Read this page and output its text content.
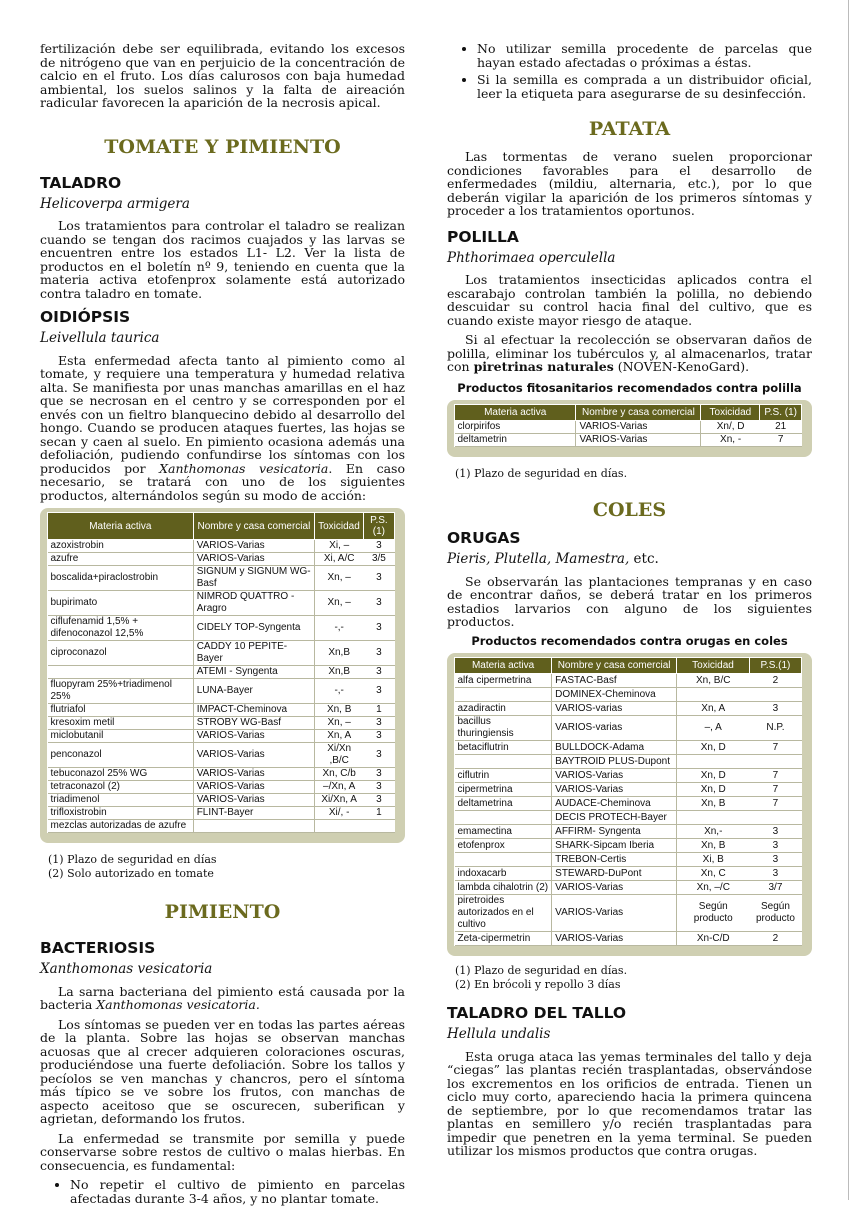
fertilización debe ser equilibrada, evitando los excesos de nitrógeno que van en perjuicio de la concentración de calcio en el fruto. Los días calurosos con baja humedad ambiental, los suelos salinos y la falta de aireación radicular favorecen la aparición de la necrosis apical.

TOMATE Y PIMIENTO
TALADRO

Helicoverpa armigera

Los tratamientos para controlar el taladro se realizan cuando se tengan dos racimos cuajados y las larvas se encuentren entre los estados L1- L2. Ver la lista de productos en el boletín nº 9, teniendo en cuenta que la materia activa etofenprox solamente está autorizado contra taladro en tomate.

OIDIÓPSIS

Leivellula taurica

Esta enfermedad afecta tanto al pimiento como al tomate, y requiere una temperatura y humedad relativa alta. Se manifiesta por unas manchas amarillas en el haz que se necrosan en el centro y se corresponden por el envés con un fieltro blanquecino debido al desarrollo del hongo. Cuando se producen ataques fuertes, las hojas se secan y caen al suelo. En pimiento ocasiona además una defoliación, pudiendo confundirse los síntomas con los producidos por Xanthomonas vesicatoria. En caso necesario, se tratará con uno de los siguientes productos, alternándolos según su modo de acción:

Materia activa	Nombre y casa comercial	Toxicidad	P.S. (1)
azoxistrobin	VARIOS-Varias	Xi, –	3
azufre	VARIOS-Varias	Xi, A/C	3/5
boscalida+piraclostrobin	SIGNUM y SIGNUM WG-Basf	Xn, –	3
bupirimato	NIMROD QUATTRO -Aragro	Xn, –	3
ciflufenamid 1,5% + difenoconazol 12,5%	CIDELY TOP-Syngenta	-,-	3
ciproconazol	CADDY 10 PEPITE-Bayer	Xn,B	3
	ATEMI - Syngenta	Xn,B	3
fluopyram 25%+triadimenol 25%	LUNA-Bayer	-,-	3
flutriafol	IMPACT-Cheminova	Xn, B	1
kresoxim metil	STROBY WG-Basf	Xn, –	3
miclobutanil	VARIOS-Varias	Xn, A	3
penconazol	VARIOS-Varias	Xi/Xn ,B/C	3
tebuconazol 25% WG	VARIOS-Varias	Xn, C/b	3
tetraconazol (2)	VARIOS-Varias	–/Xn, A	3
triadimenol	VARIOS-Varias	Xi/Xn, A	3
trifloxistrobin	FLINT-Bayer	Xi/, -	1
mezclas autorizadas de azufre			

(1) Plazo de seguridad en días

(2) Solo autorizado en tomate

PIMIENTO
BACTERIOSIS

Xanthomonas vesicatoria

La sarna bacteriana del pimiento está causada por la bacteria Xanthomonas vesicatoria.

Los síntomas se pueden ver en todas las partes aéreas de la planta. Sobre las hojas se observan manchas acuosas que al crecer adquieren coloraciones oscuras, produciéndose una fuerte defoliación. Sobre los tallos y pecíolos se ven manchas y chancros, pero el síntoma más típico se ve sobre los frutos, con manchas de aspecto aceitoso que se oscurecen, suberifican y agrietan, deformando los frutos.

La enfermedad se transmite por semilla y puede conservarse sobre restos de cultivo o malas hierbas. En consecuencia, es fundamental:

• No repetir el cultivo de pimiento en parcelas afectadas durante 3-4 años, y no plantar tomate.
• No utilizar semilla procedente de parcelas que hayan estado afectadas o próximas a éstas.
• Si la semilla es comprada a un distribuidor oficial, leer la etiqueta para asegurarse de su desinfección.
PATATA

Las tormentas de verano suelen proporcionar condiciones favorables para el desarrollo de enfermedades (mildiu, alternaria, etc.), por lo que deberán vigilar la aparición de los primeros síntomas y proceder a los tratamientos oportunos.

POLILLA

Phthorimaea operculella

Los tratamientos insecticidas aplicados contra el escarabajo controlan también la polilla, no debiendo descuidar su control hacia final del cultivo, que es cuando existe mayor riesgo de ataque.

Si al efectuar la recolección se observaran daños de polilla, eliminar los tubérculos y, al almacenarlos, tratar con piretrinas naturales (NOVEN-KenoGard).

Productos fitosanitarios recomendados contra polilla

Materia activa	Nombre y casa comercial	Toxicidad	P.S. (1)
clorpirifos	VARIOS-Varias	Xn/, D	21
deltametrin	VARIOS-Varias	Xn, -	7

(1) Plazo de seguridad en días.

COLES
ORUGAS

Pieris, Plutella, Mamestra, etc.

Se observarán las plantaciones tempranas y en caso de encontrar daños, se deberá tratar en los primeros estadios larvarios con alguno de los siguientes productos.

Productos recomendados contra orugas en coles

Materia activa	Nombre y casa comercial	Toxicidad	P.S.(1)
alfa cipermetrina	FASTAC-Basf	Xn, B/C	2
	DOMINEX-Cheminova		
azadiractin	VARIOS-varias	Xn, A	3
bacillus thuringiensis	VARIOS-varias	–, A	N.P.
betaciflutrin	BULLDOCK-Adama	Xn, D	7
	BAYTROID PLUS-Dupont		
ciflutrin	VARIOS-Varias	Xn, D	7
cipermetrina	VARIOS-Varias	Xn, D	7
deltametrina	AUDACE-Cheminova	Xn, B	7
	DECIS PROTECH-Bayer		
emamectina	AFFIRM- Syngenta	Xn,-	3
etofenprox	SHARK-Sipcam Iberia	Xn, B	3
	TREBON-Certis	Xi, B	3
indoxacarb	STEWARD-DuPont	Xn, C	3
lambda cihalotrin (2)	VARIOS-Varias	Xn, –/C	3/7
piretroides autorizados en el cultivo	VARIOS-Varias	Según producto	Según producto
Zeta-cipermetrin	VARIOS-Varias	Xn-C/D	2

(1) Plazo de seguridad en días.

(2) En brócoli y repollo 3 días

TALADRO DEL TALLO

Hellula undalis

Esta oruga ataca las yemas terminales del tallo y deja “ciegas” las plantas recién trasplantadas, observándose los excrementos en los orificios de entrada. Tienen un ciclo muy corto, apareciendo hacia la primera quincena de septiembre, por lo que recomendamos tratar las plantas en semillero y/o recién trasplantadas para impedir que penetren en la yema terminal. Se pueden utilizar los mismos productos que contra orugas.
